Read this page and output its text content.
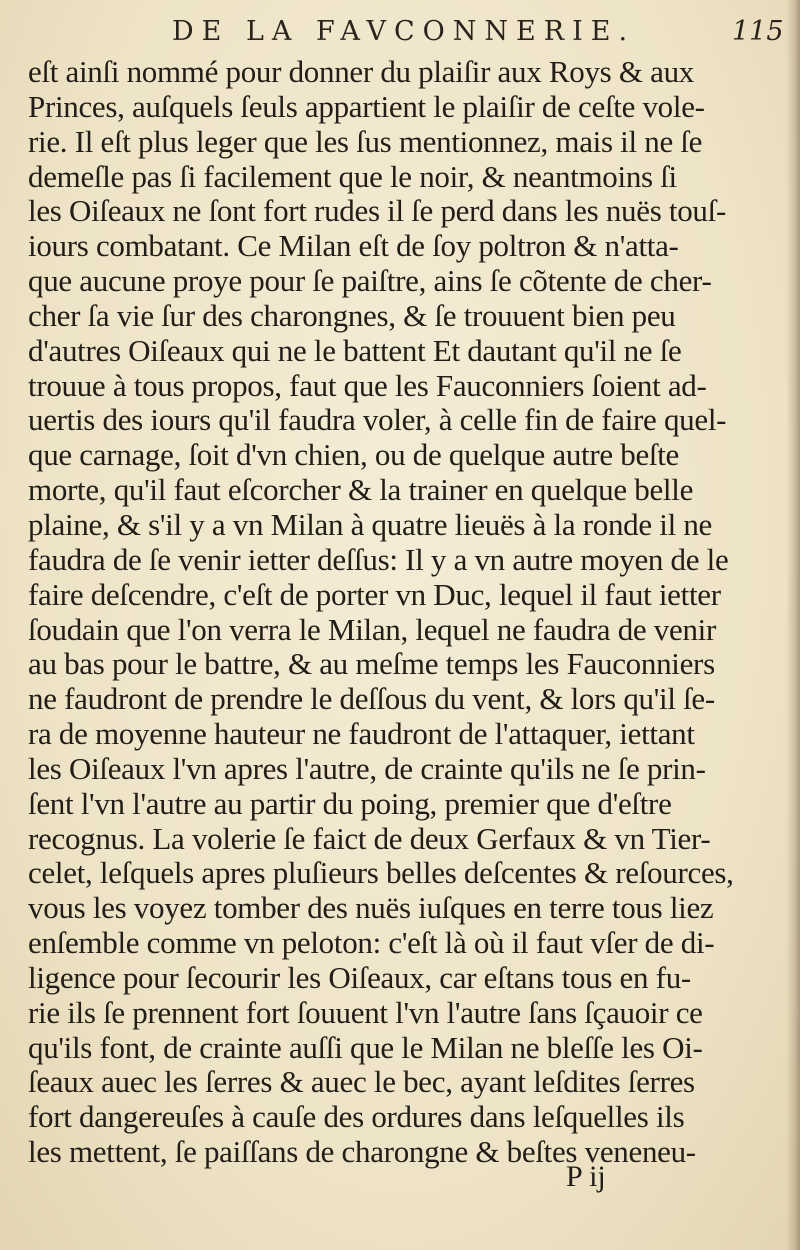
DE LA FAVCONNERIE.	115
eſt ainſi nommé pour donner du plaiſir aux Roys & aux
Princes, auſquels ſeuls appartient le plaiſir de ceſte vole-
rie. Il eſt plus leger que les ſus mentionnez, mais il ne ſe
demeſle pas ſi facilement que le noir, & neantmoins ſi
les Oiſeaux ne ſont fort rudes il ſe perd dans les nuës touſ-
iours combatant. Ce Milan eſt de ſoy poltron & n'atta-
que aucune proye pour ſe paiſtre, ains ſe cõtente de cher-
cher ſa vie ſur des charongnes, & ſe trouuent bien peu
d'autres Oiſeaux qui ne le battent Et dautant qu'il ne ſe
trouue à tous propos, faut que les Fauconniers ſoient ad-
uertis des iours qu'il faudra voler, à celle fin de faire quel-
que carnage, ſoit d'vn chien, ou de quelque autre beſte
morte, qu'il faut eſcorcher & la trainer en quelque belle
plaine, & s'il y a vn Milan à quatre lieuës à la ronde il ne
faudra de ſe venir ietter deſſus: Il y a vn autre moyen de le
faire deſcendre, c'eſt de porter vn Duc, lequel il faut ietter
ſoudain que l'on verra le Milan, lequel ne faudra de venir
au bas pour le battre, & au meſme temps les Fauconniers
ne faudront de prendre le deſſous du vent, & lors qu'il ſe-
ra de moyenne hauteur ne faudront de l'attaquer, iettant
les Oiſeaux l'vn apres l'autre, de crainte qu'ils ne ſe prin-
ſent l'vn l'autre au partir du poing, premier que d'eſtre
recognus. La volerie ſe faict de deux Gerfaux & vn Tier-
celet, leſquels apres pluſieurs belles deſcentes & reſources,
vous les voyez tomber des nuës iuſques en terre tous liez
enſemble comme vn peloton: c'eſt là où il faut vſer de di-
ligence pour ſecourir les Oiſeaux, car eſtans tous en fu-
rie ils ſe prennent fort ſouuent l'vn l'autre ſans ſçauoir ce
qu'ils font, de crainte auſſi que le Milan ne bleſſe les Oi-
ſeaux auec les ſerres & auec le bec, ayant leſdites ſerres
fort dangereuſes à cauſe des ordures dans leſquelles ils
les mettent, ſe paiſſans de charongne & beſtes veneneu-
P ij
